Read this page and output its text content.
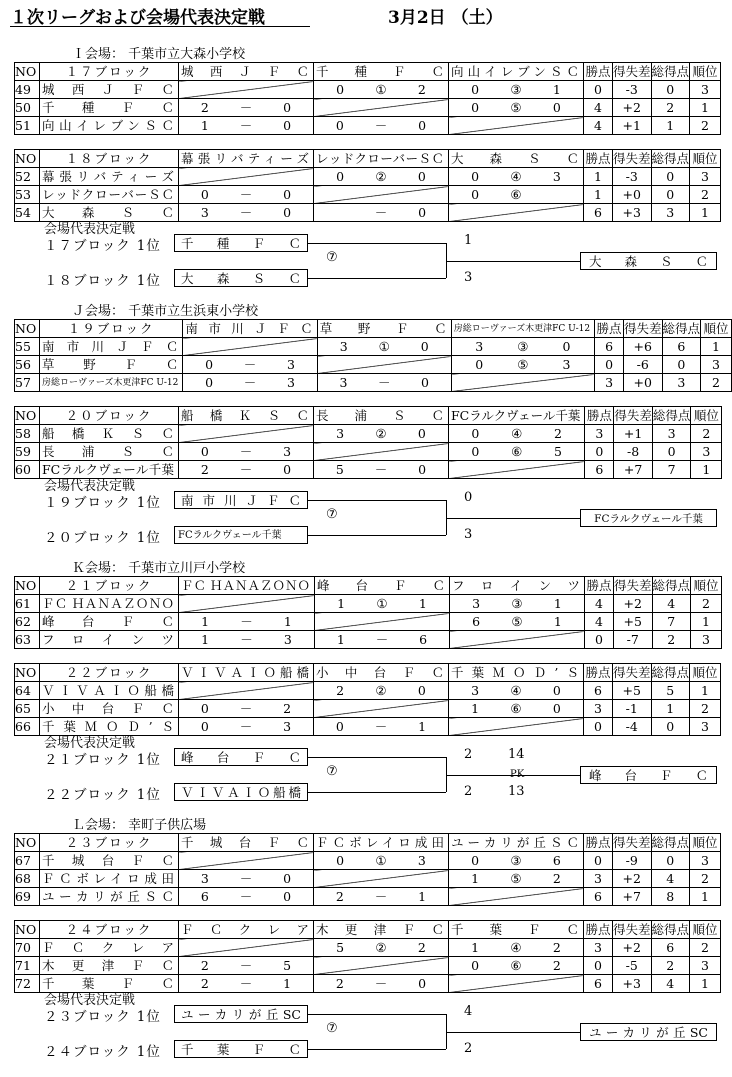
１次リーグおよび会場代表決定戦	3月2日 （土）
Ｉ会場： 千葉市立大森小学校
NO	１７ブロック	城 西 Ｊ Ｆ Ｃ	千 種 Ｆ Ｃ	向山イレブンＳＣ	勝点	得失差	総得点	順位
49	城 西 Ｊ Ｆ Ｃ		0 ① 2	0 ③ 1	0	-3	0	3
50	千 種 Ｆ Ｃ	2 － 0		0 ⑤ 0	4	+2	2	1
51	向山イレブンＳＣ	1 － 0	0 － 0		4	+1	1	2
NO	１８ブロック	幕張リバティーズ	レッドクローバーＳＣ	大 森 Ｓ Ｃ	勝点	得失差	総得点	順位
52	幕張リバティーズ		0 ② 0	0 ④ 3	1	-3	0	3
53	レッドクローバーＳＣ	0 － 0		0 ⑥	1	+0	0	2
54	大 森 Ｓ Ｃ	3 － 0	－ 0		6	+3	3	1
会場代表決定戦
１７ブロック 1位
１８ブロック 1位
千 種 Ｆ Ｃ
大 森 Ｓ Ｃ
⑦
1
3
大 森 Ｓ Ｃ
Ｊ会場： 千葉市立生浜東小学校
NO	１９ブロック	南 市 川 Ｊ Ｆ Ｃ	草 野 Ｆ Ｃ	房総ローヴァーズ木更津FC U-12	勝点	得失差	総得点	順位
55	南 市 川 Ｊ Ｆ Ｃ		3 ① 0	3 ③ 0	6	+6	6	1
56	草 野 Ｆ Ｃ	0 － 3		0 ⑤ 3	0	-6	0	3
57	房総ローヴァーズ木更津FC U-12	0 － 3	3 － 0		3	+0	3	2
NO	２０ブロック	船 橋 Ｋ Ｓ Ｃ	長 浦 Ｓ Ｃ	FCラルクヴェール千葉	勝点	得失差	総得点	順位
58	船 橋 Ｋ Ｓ Ｃ		3 ② 0	0 ④ 2	3	+1	3	2
59	長 浦 Ｓ Ｃ	0 － 3		0 ⑥ 5	0	-8	0	3
60	FCラルクヴェール千葉	2 － 0	5 － 0		6	+7	7	1
会場代表決定戦
１９ブロック 1位
２０ブロック 1位
南 市 川 Ｊ Ｆ Ｃ
FCラルクヴェール千葉
⑦
0
3
FCラルクヴェール千葉
Ｋ会場： 千葉市立川戸小学校
NO	２１ブロック	ＦＣ ＨＡＮＡＺＯＮＯ	峰 台 Ｆ Ｃ	フ ロ イ ン ツ	勝点	得失差	総得点	順位
61	ＦＣ ＨＡＮＡＺＯＮＯ		1 ① 1	3 ③ 1	4	+2	4	2
62	峰 台 Ｆ Ｃ	1 － 1		6 ⑤ 1	4	+5	7	1
63	フ ロ イ ン ツ	1 － 3	1 － 6		0	-7	2	3
NO	２２ブロック	ＶＩＶＡＩＯ船橋	小 中 台 Ｆ Ｃ	千葉ＭＯＤ’Ｓ	勝点	得失差	総得点	順位
64	ＶＩＶＡＩＯ船橋		2 ② 0	3 ④ 0	6	+5	5	1
65	小 中 台 Ｆ Ｃ	0 － 2		1 ⑥ 0	3	-1	1	2
66	千葉ＭＯＤ’Ｓ	0 － 3	0 － 1		0	-4	0	3
会場代表決定戦
２１ブロック 1位
２２ブロック 1位
峰 台 Ｆ Ｃ
ＶＩＶＡＩＯ船橋
⑦
2
2
14
PK
13
峰 台 Ｆ Ｃ
Ｌ会場： 幸町子供広場
NO	２３ブロック	千 城 台 Ｆ Ｃ	ＦＣボレイロ成田	ユーカリが丘ＳＣ	勝点	得失差	総得点	順位
67	千 城 台 Ｆ Ｃ		0 ① 3	0 ③ 6	0	-9	0	3
68	ＦＣボレイロ成田	3 － 0		1 ⑤ 2	3	+2	4	2
69	ユーカリが丘ＳＣ	6 － 0	2 － 1		6	+7	8	1
NO	２４ブロック	Ｆ Ｃ ク レ ア	木 更 津 Ｆ Ｃ	千 葉 Ｆ Ｃ	勝点	得失差	総得点	順位
70	Ｆ Ｃ ク レ ア		5 ② 2	1 ④ 2	3	+2	6	2
71	木 更 津 Ｆ Ｃ	2 － 5		0 ⑥ 2	0	-5	2	3
72	千 葉 Ｆ Ｃ	2 － 1	2 － 0		6	+3	4	1
会場代表決定戦
２３ブロック 1位
２４ブロック 1位
ユーカリが丘SC
千 葉 Ｆ Ｃ
⑦
4
2
ユーカリが丘SC
